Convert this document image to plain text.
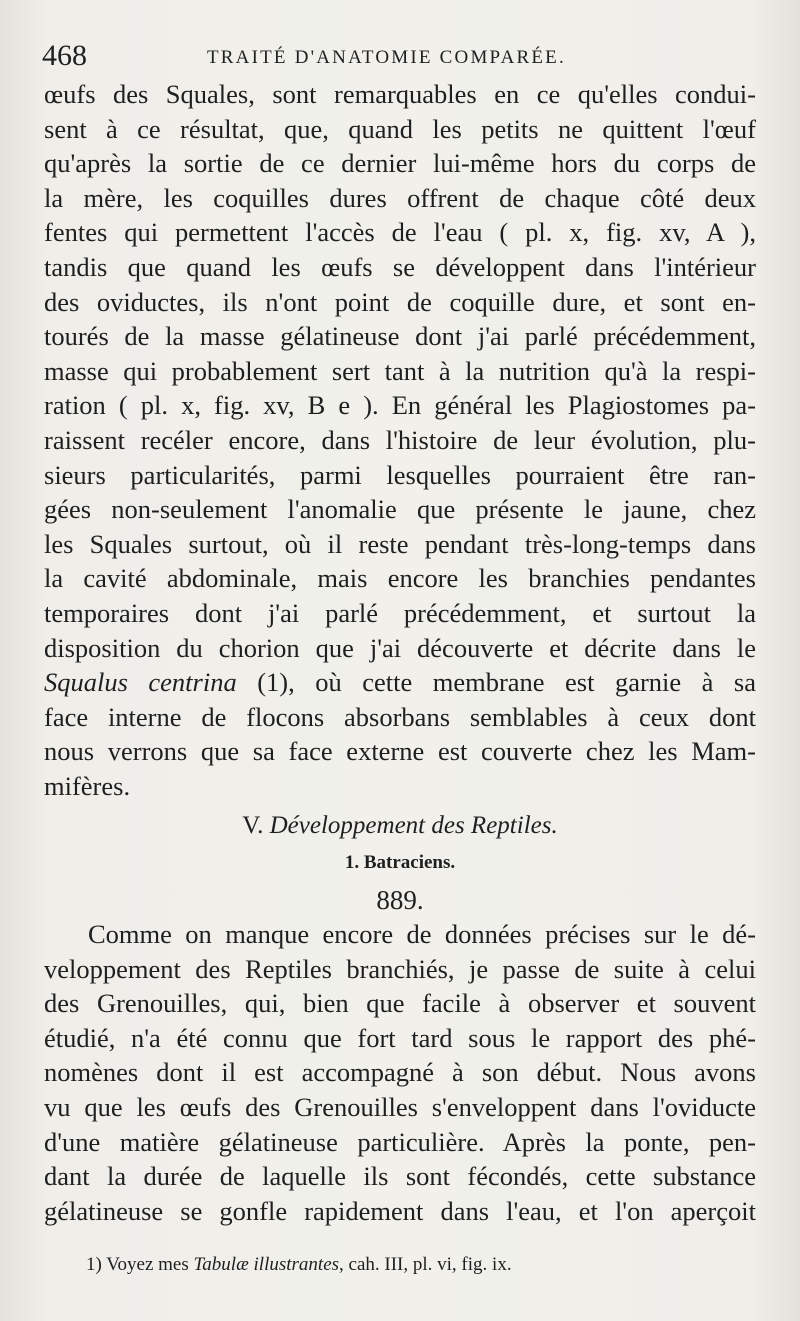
468	TRAITÉ D'ANATOMIE COMPARÉE.
œufs des Squales, sont remarquables en ce qu'elles condui-
sent à ce résultat, que, quand les petits ne quittent l'œuf
qu'après la sortie de ce dernier lui-même hors du corps de
la mère, les coquilles dures offrent de chaque côté deux
fentes qui permettent l'accès de l'eau ( pl. x, fig. xv, A ),
tandis que quand les œufs se développent dans l'intérieur
des oviductes, ils n'ont point de coquille dure, et sont en-
tourés de la masse gélatineuse dont j'ai parlé précédemment,
masse qui probablement sert tant à la nutrition qu'à la respi-
ration ( pl. x, fig. xv, B e ). En général les Plagiostomes pa-
raissent recéler encore, dans l'histoire de leur évolution, plu-
sieurs particularités, parmi lesquelles pourraient être ran-
gées non-seulement l'anomalie que présente le jaune, chez
les Squales surtout, où il reste pendant très-long-temps dans
la cavité abdominale, mais encore les branchies pendantes
temporaires dont j'ai parlé précédemment, et surtout la
disposition du chorion que j'ai découverte et décrite dans le
Squalus centrina (1), où cette membrane est garnie à sa
face interne de flocons absorbans semblables à ceux dont
nous verrons que sa face externe est couverte chez les Mam-
mifères.
V. Développement des Reptiles.
1. Batraciens.
889.
Comme on manque encore de données précises sur le dé-
veloppement des Reptiles branchiés, je passe de suite à celui
des Grenouilles, qui, bien que facile à observer et souvent
étudié, n'a été connu que fort tard sous le rapport des phé-
nomènes dont il est accompagné à son début. Nous avons
vu que les œufs des Grenouilles s'enveloppent dans l'oviducte
d'une matière gélatineuse particulière. Après la ponte, pen-
dant la durée de laquelle ils sont fécondés, cette substance
gélatineuse se gonfle rapidement dans l'eau, et l'on aperçoit
1) Voyez mes Tabulæ illustrantes, cah. III, pl. vi, fig. ix.
